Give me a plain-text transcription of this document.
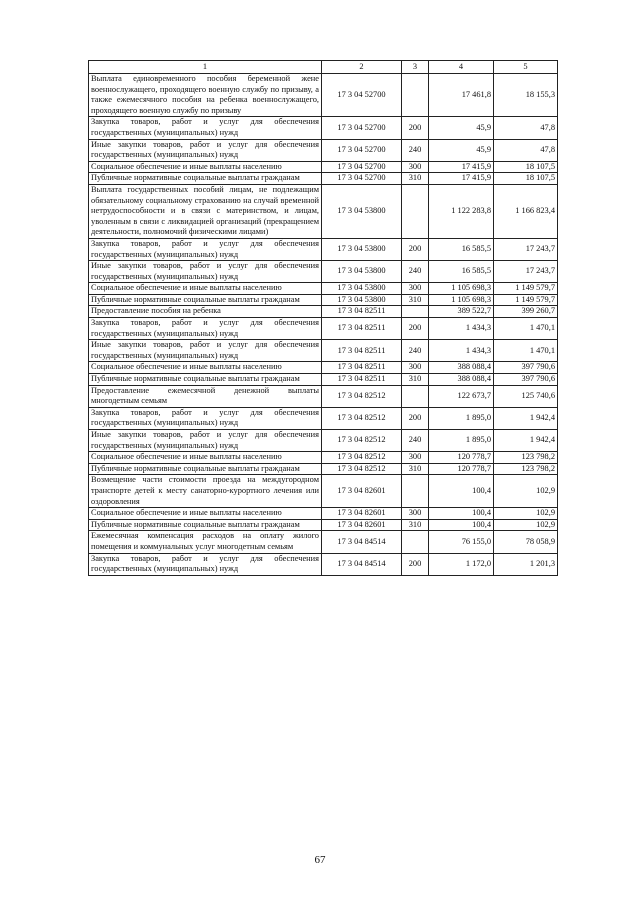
1	2	3	4	5
Выплата единовременного пособия беременной жене военнослужащего, проходящего военную службу по призыву, а также ежемесячного пособия на ребенка военнослужащего, проходящего военную службу по призыву	17 3 04 52700		17 461,8	18 155,3
Закупка товаров, работ и услуг для обеспечения государственных (муниципальных) нужд	17 3 04 52700	200	45,9	47,8
Иные закупки товаров, работ и услуг для обеспечения государственных (муниципальных) нужд	17 3 04 52700	240	45,9	47,8
Социальное обеспечение и иные выплаты населению	17 3 04 52700	300	17 415,9	18 107,5
Публичные нормативные социальные выплаты гражданам	17 3 04 52700	310	17 415,9	18 107,5
Выплата государственных пособий лицам, не подлежащим обязательному социальному страхованию на случай временной нетрудоспособности и в связи с материнством, и лицам, уволенным в связи с ликвидацией организаций (прекращением деятельности, полномочий физическими лицами)	17 3 04 53800		1 122 283,8	1 166 823,4
Закупка товаров, работ и услуг для обеспечения государственных (муниципальных) нужд	17 3 04 53800	200	16 585,5	17 243,7
Иные закупки товаров, работ и услуг для обеспечения государственных (муниципальных) нужд	17 3 04 53800	240	16 585,5	17 243,7
Социальное обеспечение и иные выплаты населению	17 3 04 53800	300	1 105 698,3	1 149 579,7
Публичные нормативные социальные выплаты гражданам	17 3 04 53800	310	1 105 698,3	1 149 579,7
Предоставление пособия на ребенка	17 3 04 82511		389 522,7	399 260,7
Закупка товаров, работ и услуг для обеспечения государственных (муниципальных) нужд	17 3 04 82511	200	1 434,3	1 470,1
Иные закупки товаров, работ и услуг для обеспечения государственных (муниципальных) нужд	17 3 04 82511	240	1 434,3	1 470,1
Социальное обеспечение и иные выплаты населению	17 3 04 82511	300	388 088,4	397 790,6
Публичные нормативные социальные выплаты гражданам	17 3 04 82511	310	388 088,4	397 790,6
Предоставление ежемесячной денежной выплаты многодетным семьям	17 3 04 82512		122 673,7	125 740,6
Закупка товаров, работ и услуг для обеспечения государственных (муниципальных) нужд	17 3 04 82512	200	1 895,0	1 942,4
Иные закупки товаров, работ и услуг для обеспечения государственных (муниципальных) нужд	17 3 04 82512	240	1 895,0	1 942,4
Социальное обеспечение и иные выплаты населению	17 3 04 82512	300	120 778,7	123 798,2
Публичные нормативные социальные выплаты гражданам	17 3 04 82512	310	120 778,7	123 798,2
Возмещение части стоимости проезда на междугородном транспорте детей к месту санаторно-курортного лечения или оздоровления	17 3 04 82601		100,4	102,9
Социальное обеспечение и иные выплаты населению	17 3 04 82601	300	100,4	102,9
Публичные нормативные социальные выплаты гражданам	17 3 04 82601	310	100,4	102,9
Ежемесячная компенсация расходов на оплату жилого помещения и коммунальных услуг многодетным семьям	17 3 04 84514		76 155,0	78 058,9
Закупка товаров, работ и услуг для обеспечения государственных (муниципальных) нужд	17 3 04 84514	200	1 172,0	1 201,3
67
